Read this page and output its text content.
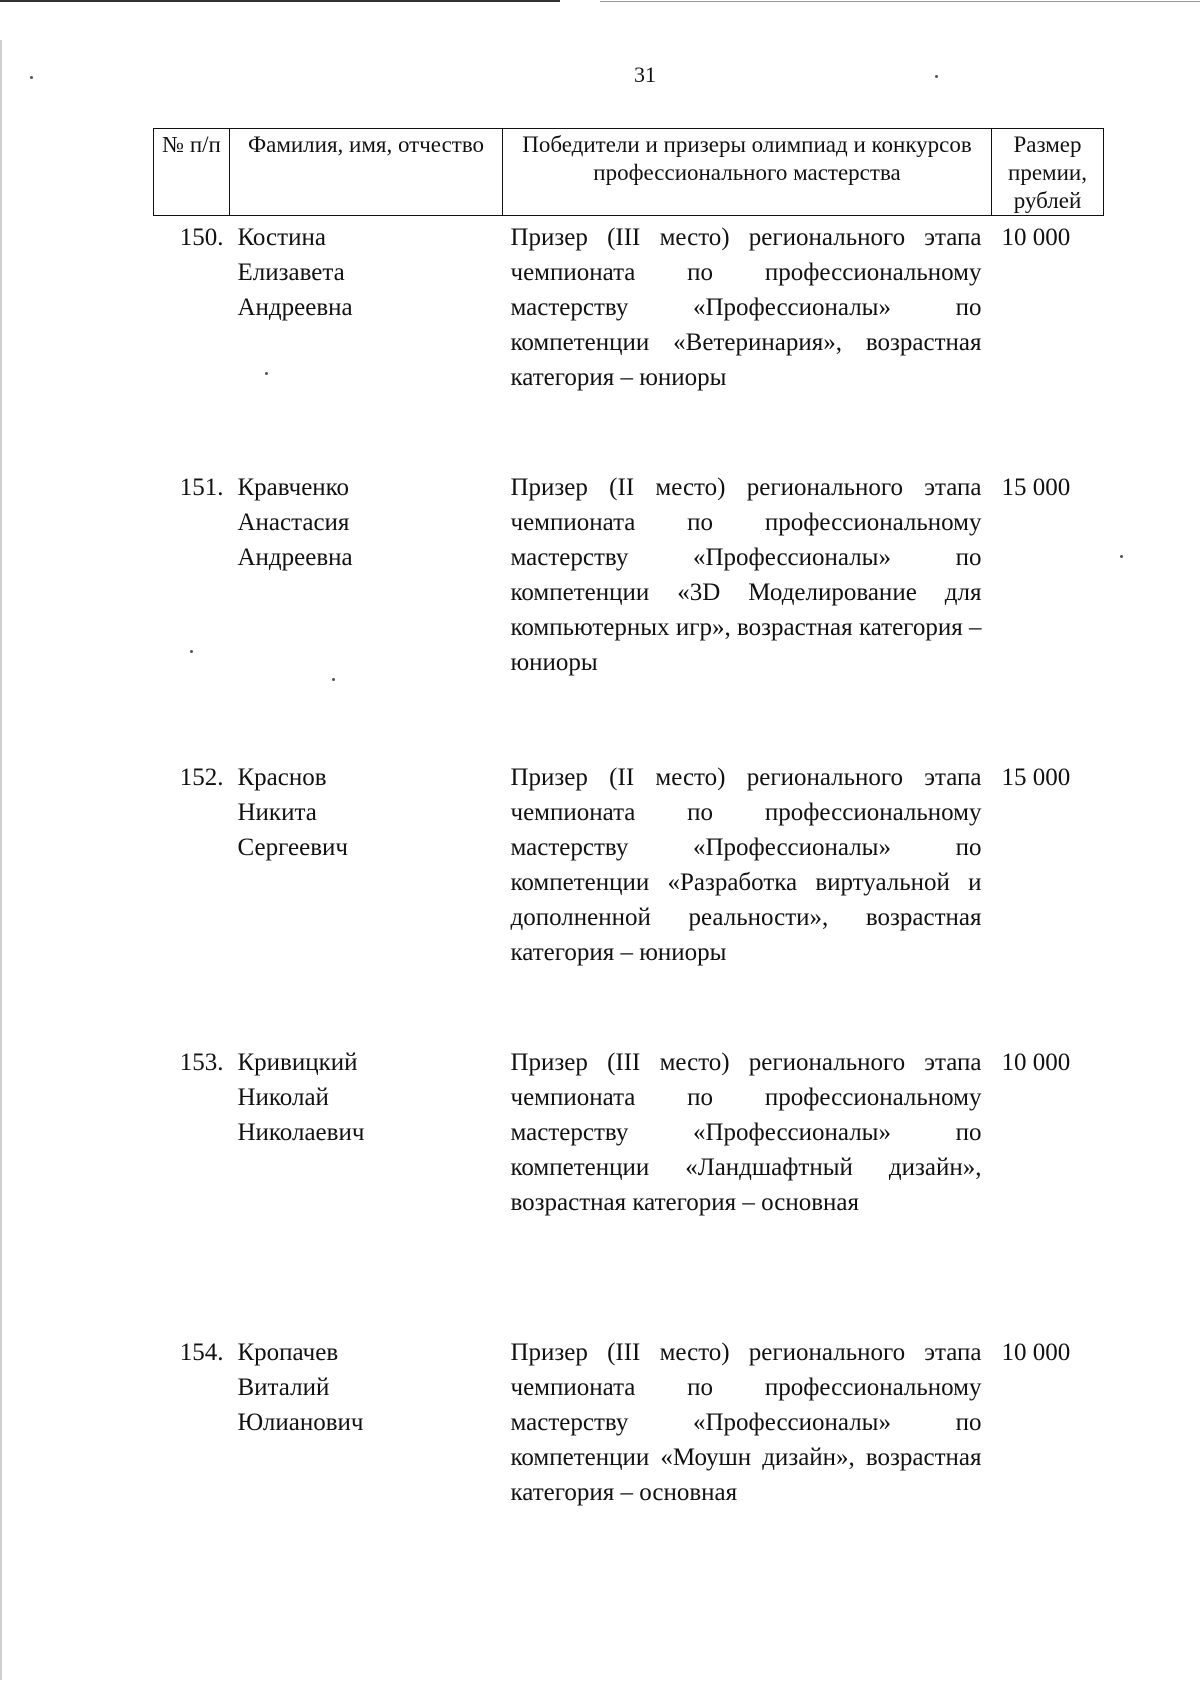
31
№ п/п	Фамилия, имя, отчество	Победители и призеры олимпиад и конкурсов профессионального мастерства	Размер премии, рублей
150.	Костина
Елизавета
Андреевна	Призер (III место) регионального этапа чемпионата по профессиональному мастерству «Профессионалы» по компетенции «Ветеринария», возрастная категория – юниоры	10 000
151.	Кравченко
Анастасия
Андреевна	Призер (II место) регионального этапа чемпионата по профессиональному мастерству «Профессионалы» по компетенции «3D Моделирование для компьютерных игр», возрастная категория – юниоры	15 000
152.	Краснов
Никита
Сергеевич	Призер (II место) регионального этапа чемпионата по профессиональному мастерству «Профессионалы» по компетенции «Разработка виртуальной и дополненной реальности», возрастная категория – юниоры	15 000
153.	Кривицкий
Николай
Николаевич	Призер (III место) регионального этапа чемпионата по профессиональному мастерству «Профессионалы» по компетенции «Ландшафтный дизайн», возрастная категория – основная	10 000
154.	Кропачев
Виталий
Юлианович	Призер (III место) регионального этапа чемпионата по профессиональному мастерству «Профессионалы» по компетенции «Моушн дизайн», возрастная категория – основная	10 000
